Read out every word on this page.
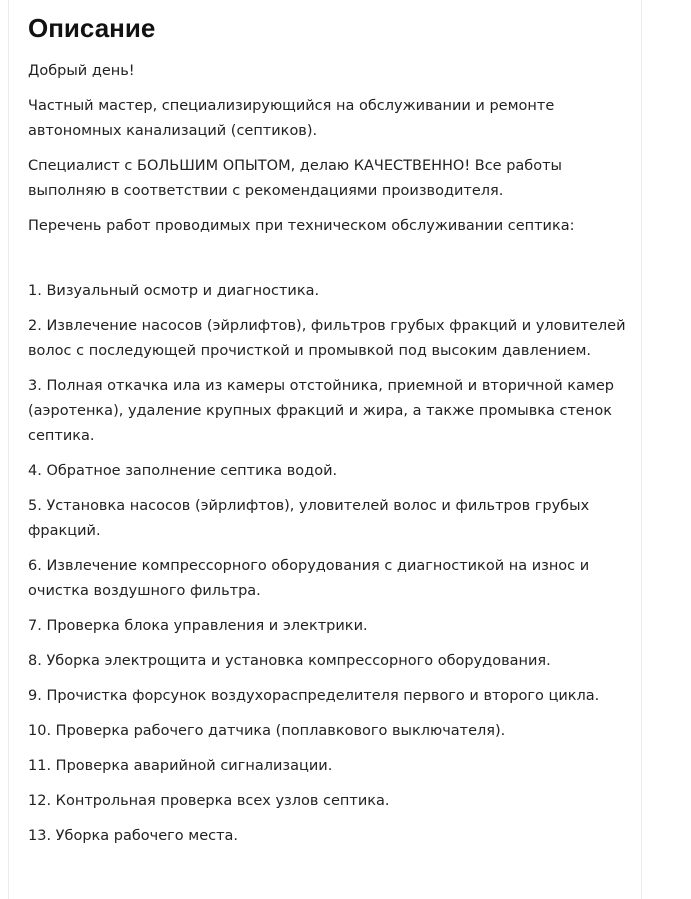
Описание

Добрый день!

Частный мастер, специализирующийся на обслуживании и ремонте автономных канализаций (септиков).

Специалист с БОЛЬШИМ ОПЫТОМ, делаю КАЧЕСТВЕННО! Все работы выполняю в соответствии с рекомендациями производителя.

Перечень работ проводимых при техническом обслуживании септика:

1. Визуальный осмотр и диагностика.

2. Извлечение насосов (эйрлифтов), фильтров грубых фракций и уловителей волос с последующей прочисткой и промывкой под высоким давлением.

3. Полная откачка ила из камеры отстойника, приемной и вторичной камер (аэротенка), удаление крупных фракций и жира, а также промывка стенок септика.

4. Обратное заполнение септика водой.

5. Установка насосов (эйрлифтов), уловителей волос и фильтров грубых фракций.

6. Извлечение компрессорного оборудования с диагностикой на износ и очистка воздушного фильтра.

7. Проверка блока управления и электрики.

8. Уборка электрощита и установка компрессорного оборудования.

9. Прочистка форсунок воздухораспределителя первого и второго цикла.

10. Проверка рабочего датчика (поплавкового выключателя).

11. Проверка аварийной сигнализации.

12. Контрольная проверка всех узлов септика.

13. Уборка рабочего места.
